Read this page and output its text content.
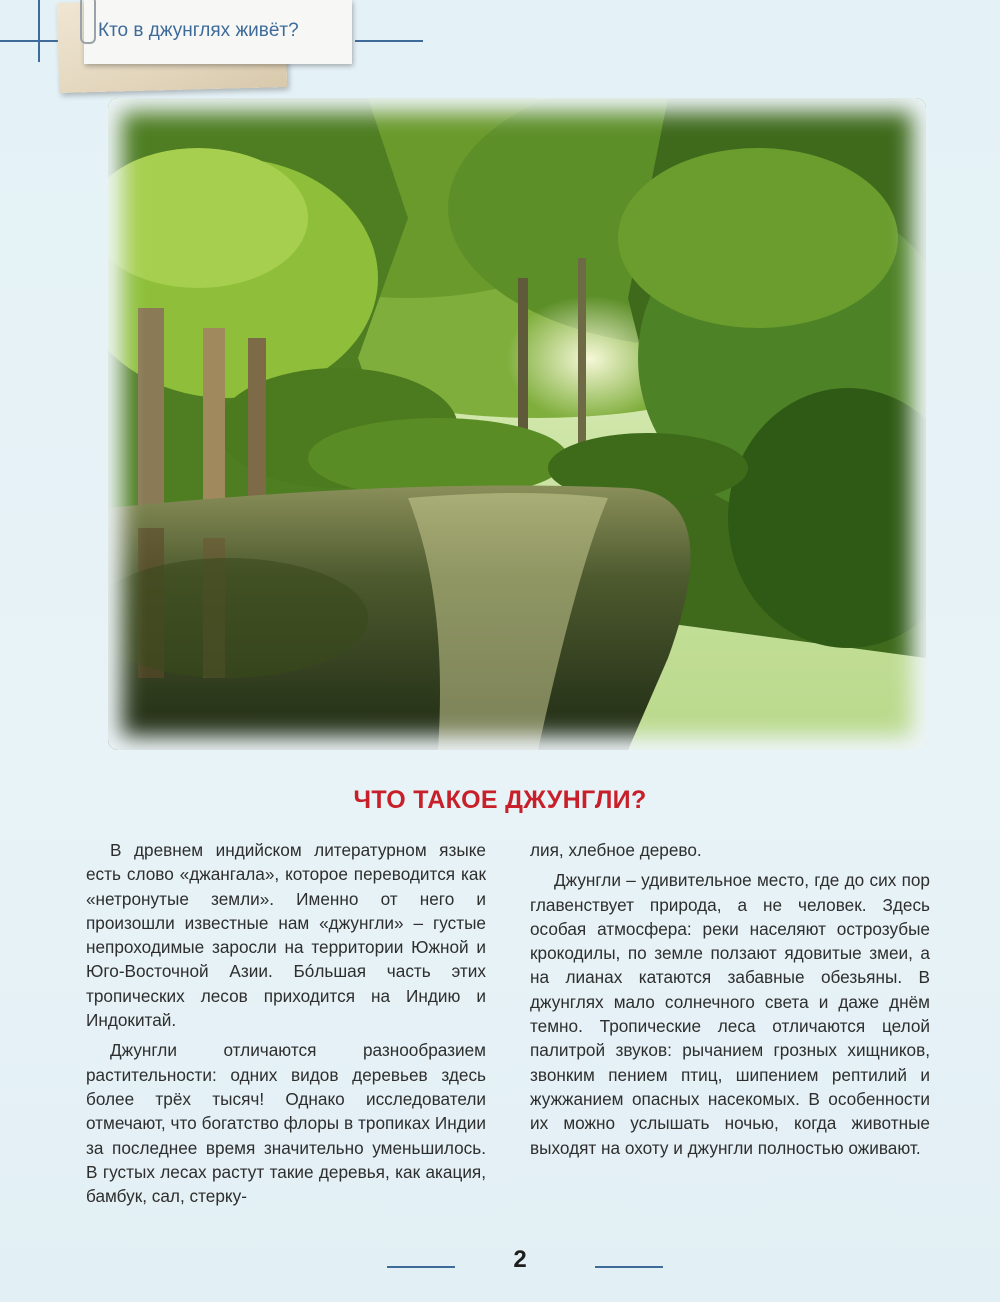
Кто в джунглях живёт?
ЧТО ТАКОЕ ДЖУНГЛИ?

В древнем индийском литературном языке есть слово «джангала», которое переводится как «нетронутые земли». Именно от него и произошли известные нам «джунгли» – густые непроходимые заросли на территории Южной и Юго-Восточной Азии. Бóльшая часть этих тропических лесов приходится на Индию и Индокитай.

Джунгли отличаются разнообразием растительности: одних видов деревьев здесь более трёх тысяч! Однако исследователи отмечают, что богатство флоры в тропиках Индии за последнее время значительно уменьшилось. В густых лесах растут такие деревья, как акация, бамбук, сал, стерку-

лия, хлебное дерево.

Джунгли – удивительное место, где до сих пор главенствует природа, а не человек. Здесь особая атмосфера: реки населяют острозубые крокодилы, по земле ползают ядовитые змеи, а на лианах катаются забавные обезьяны. В джунглях мало солнечного света и даже днём темно. Тропические леса отличаются целой палитрой звуков: рычанием грозных хищников, звонким пением птиц, шипением рептилий и жужжанием опасных насекомых. В особенности их можно услышать ночью, когда животные выходят на охоту и джунгли полностью оживают.

2
